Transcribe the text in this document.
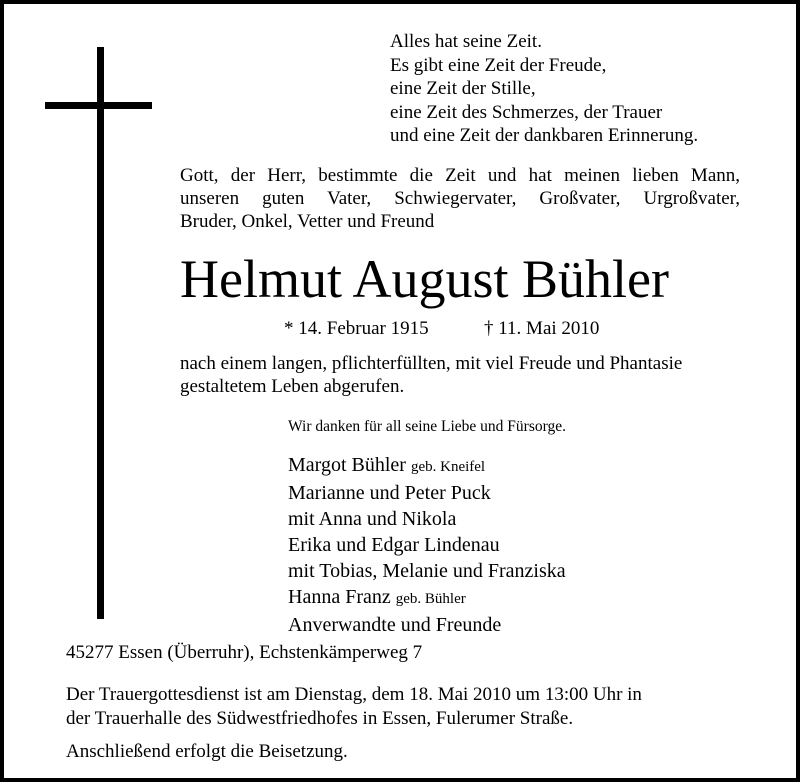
Alles hat seine Zeit.
Es gibt eine Zeit der Freude,
eine Zeit der Stille,
eine Zeit des Schmerzes, der Trauer
und eine Zeit der dankbaren Erinnerung.
Gott, der Herr, bestimmte die Zeit und hat meinen lieben Mann,
unseren guten Vater, Schwiegervater, Großvater, Urgroßvater,
Bruder, Onkel, Vetter und Freund
Helmut August Bühler
* 14. Februar 1915	† 11. Mai 2010
nach einem langen, pflichterfüllten, mit viel Freude und Phantasie
gestaltetem Leben abgerufen.
Wir danken für all seine Liebe und Fürsorge.
Margot Bühler geb. Kneifel
Marianne und Peter Puck
mit Anna und Nikola
Erika und Edgar Lindenau
mit Tobias, Melanie und Franziska
Hanna Franz geb. Bühler
Anverwandte und Freunde
45277 Essen (Überruhr), Echstenkämperweg 7
Der Trauergottesdienst ist am Dienstag, dem 18. Mai 2010 um 13:00 Uhr in
der Trauerhalle des Südwestfriedhofes in Essen, Fulerumer Straße.
Anschließend erfolgt die Beisetzung.
